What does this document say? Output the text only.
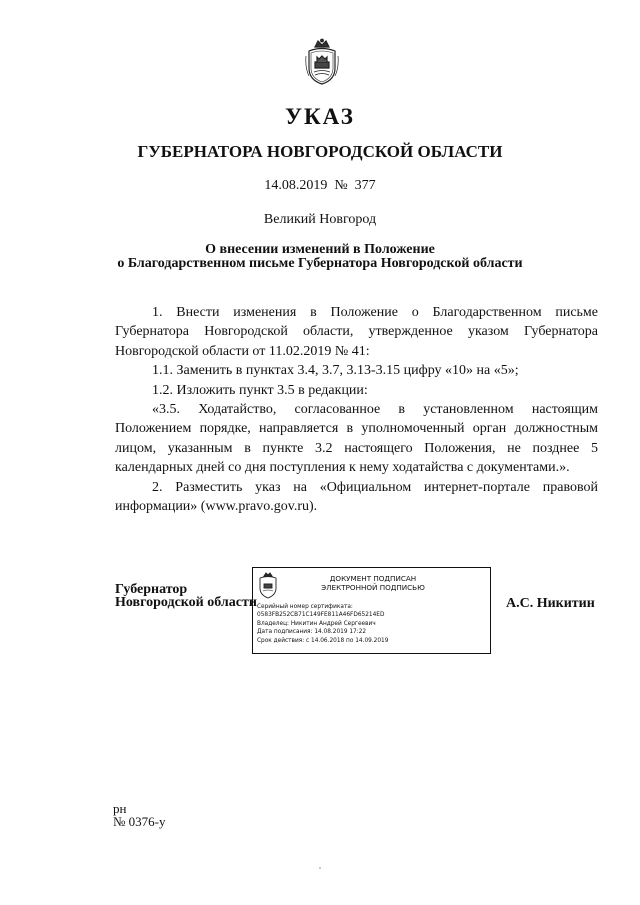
УКАЗ
ГУБЕРНАТОРА НОВГОРОДСКОЙ ОБЛАСТИ
14.08.2019 № 377
Великий Новгород
О внесении изменений в Положение
о Благодарственном письме Губернатора Новгородской области

1. Внести изменения в Положение о Благодарственном письме Губернатора Новгородской области, утвержденное указом Губернатора Новгородской области от 11.02.2019 № 41:

1.1. Заменить в пунктах 3.4, 3.7, 3.13-3.15 цифру «10» на «5»;

1.2. Изложить пункт 3.5 в редакции:

«3.5. Ходатайство, согласованное в установленном настоящим Положением порядке, направляется в уполномоченный орган должностным лицом, указанным в пункте 3.2 настоящего Положения, не позднее 5 календарных дней со дня поступления к нему ходатайства с документами.».

2. Разместить указ на «Официальном интернет-портале правовой информации» (www.pravo.gov.ru).

Губернатор
Новгородской области
ДОКУМЕНТ ПОДПИСАН
ЭЛЕКТРОННОЙ ПОДПИСЬЮ
Серийный номер сертификата:
0583FB252CB71C149FE811A46FD65214ED
Владелец: Никитин Андрей Сергеевич
Дата подписания: 14.08.2019 17:22
Срок действия: с 14.06.2018 по 14.09.2019
А.С. Никитин
рн
№ 0376-у
